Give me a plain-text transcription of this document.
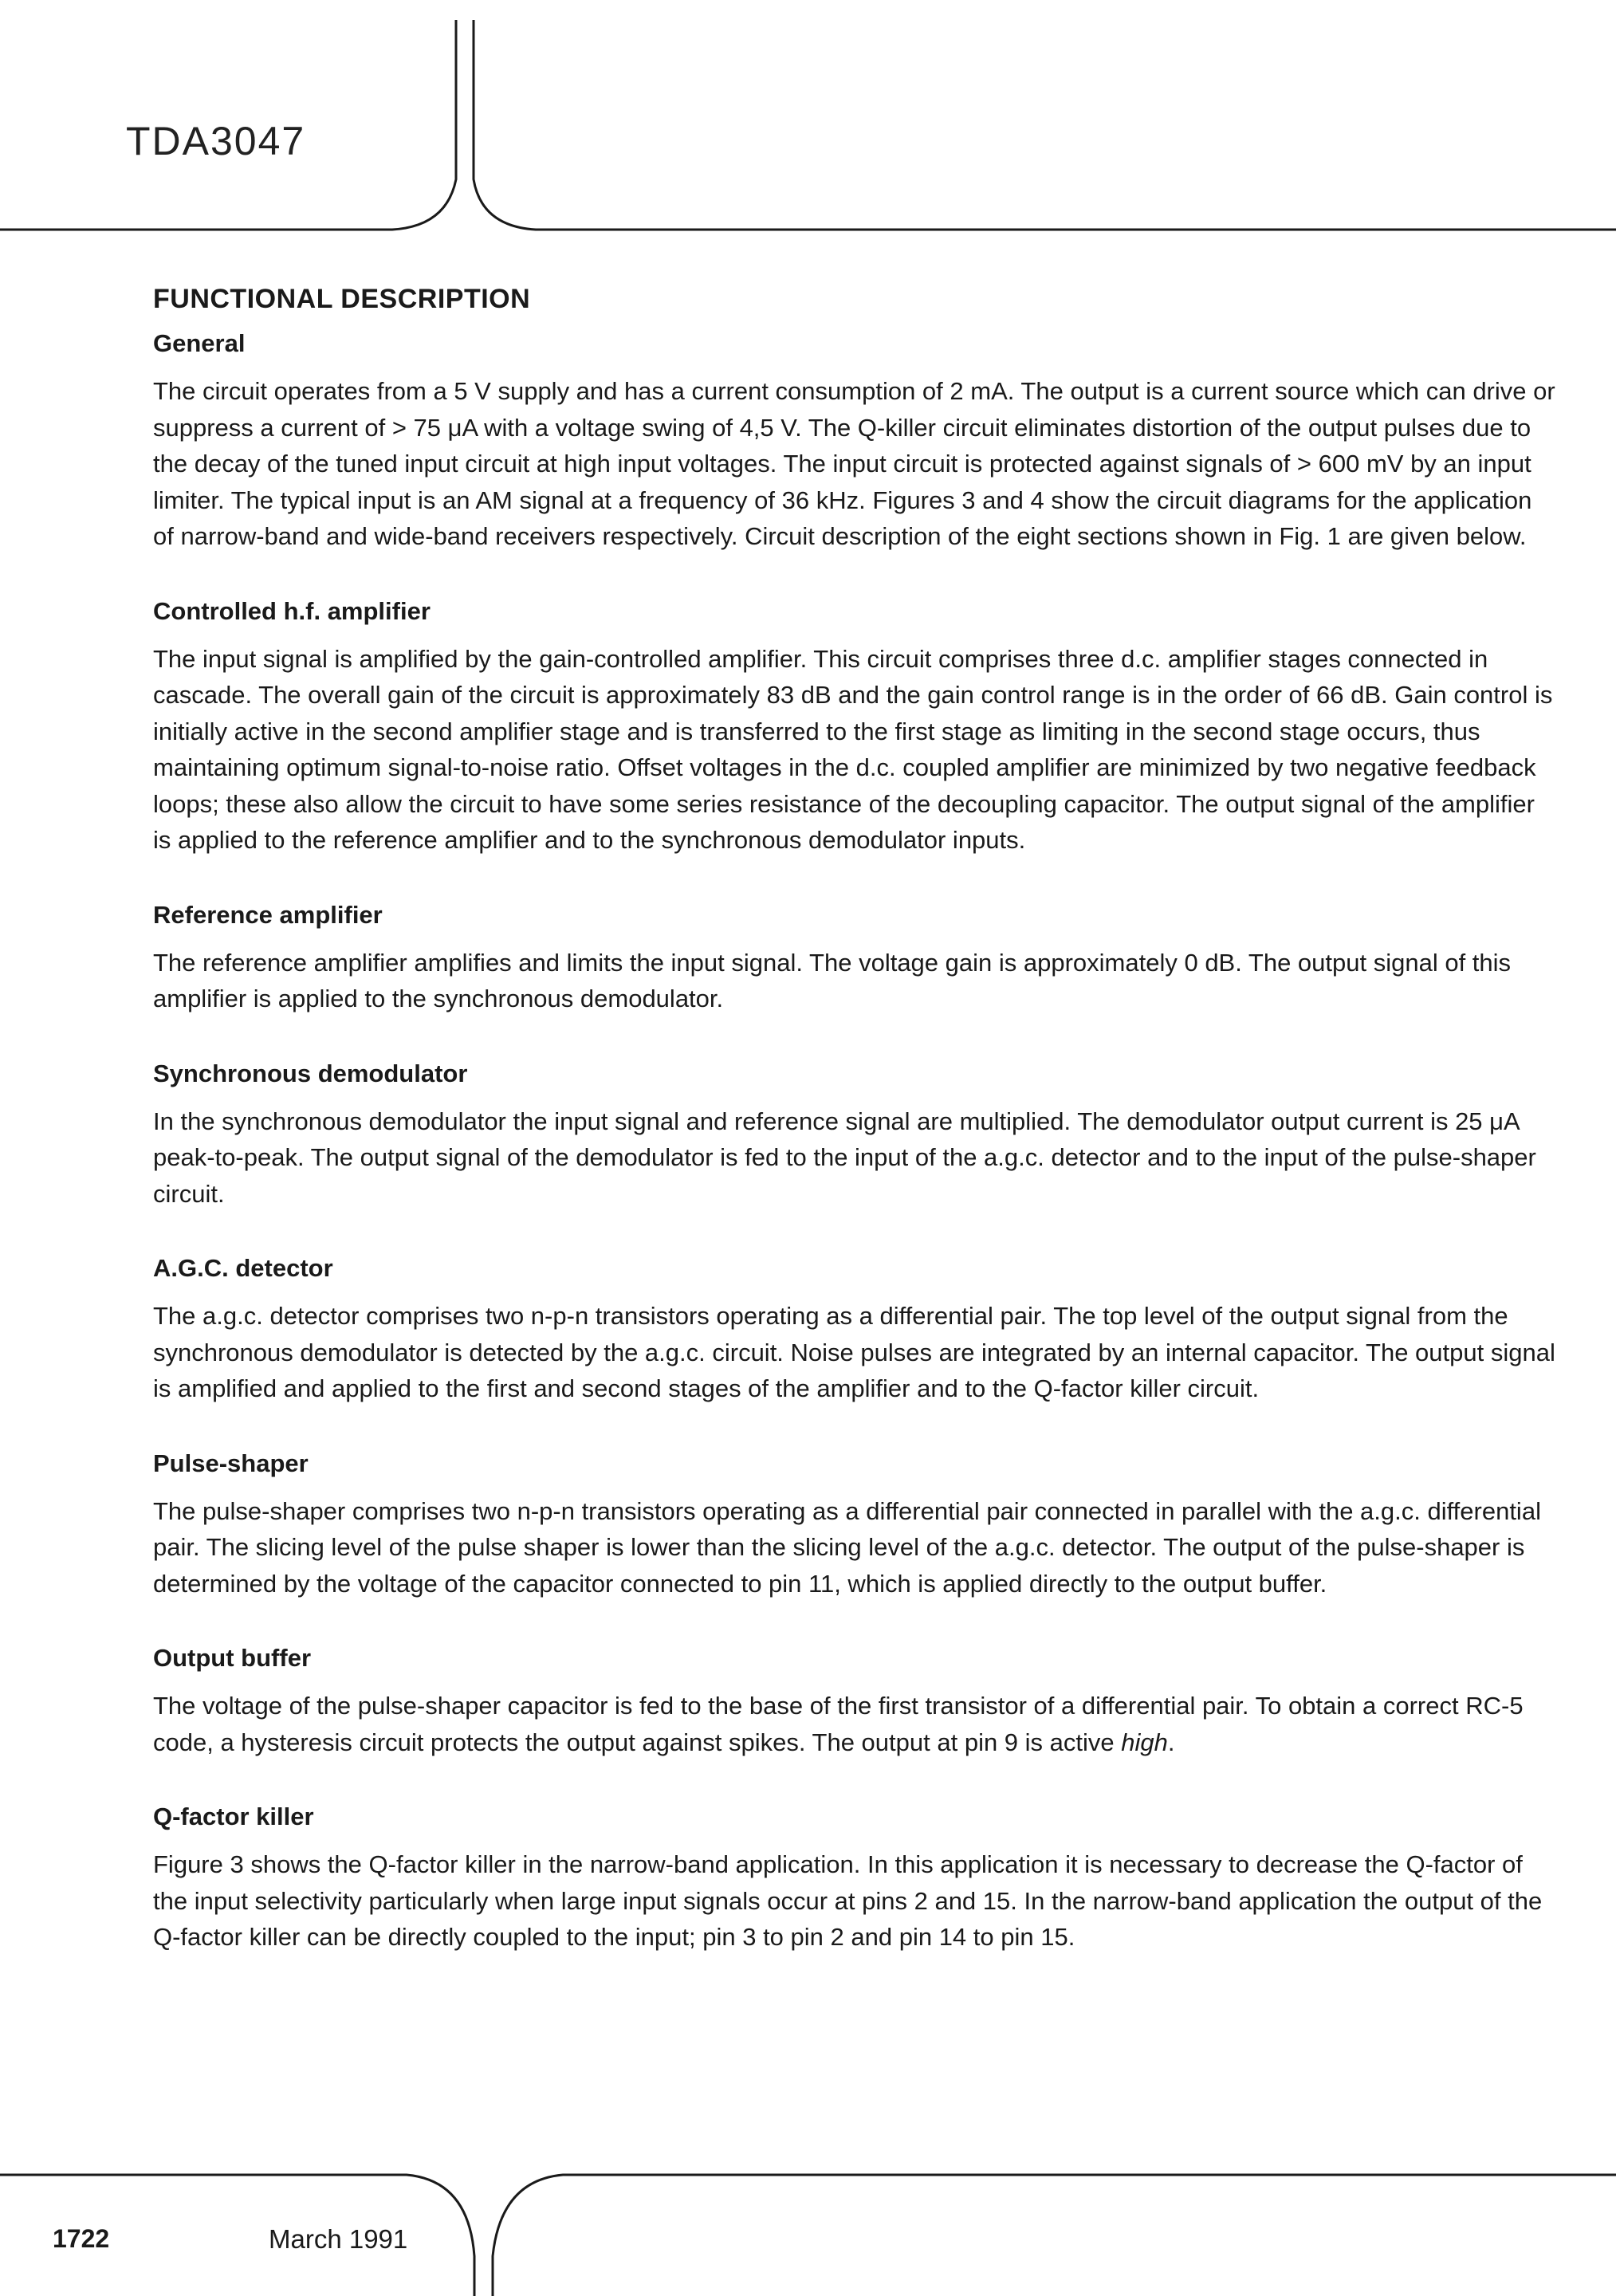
TDA3047
FUNCTIONAL DESCRIPTION
General

The circuit operates from a 5 V supply and has a current consumption of 2 mA. The output is a current source which can drive or suppress a current of > 75 μA with a voltage swing of 4,5 V. The Q-killer circuit eliminates distortion of the output pulses due to the decay of the tuned input circuit at high input voltages. The input circuit is protected against signals of > 600 mV by an input limiter. The typical input is an AM signal at a frequency of 36 kHz. Figures 3 and 4 show the circuit diagrams for the application of narrow-band and wide-band receivers respectively. Circuit description of the eight sections shown in Fig. 1 are given below.

Controlled h.f. amplifier

The input signal is amplified by the gain-controlled amplifier. This circuit comprises three d.c. amplifier stages connected in cascade. The overall gain of the circuit is approximately 83 dB and the gain control range is in the order of 66 dB. Gain control is initially active in the second amplifier stage and is transferred to the first stage as limiting in the second stage occurs, thus maintaining optimum signal-to-noise ratio. Offset voltages in the d.c. coupled amplifier are minimized by two negative feedback loops; these also allow the circuit to have some series resistance of the decoupling capacitor. The output signal of the amplifier is applied to the reference amplifier and to the synchronous demodulator inputs.

Reference amplifier

The reference amplifier amplifies and limits the input signal. The voltage gain is approximately 0 dB. The output signal of this amplifier is applied to the synchronous demodulator.

Synchronous demodulator

In the synchronous demodulator the input signal and reference signal are multiplied. The demodulator output current is 25 μA peak-to-peak. The output signal of the demodulator is fed to the input of the a.g.c. detector and to the input of the pulse-shaper circuit.

A.G.C. detector

The a.g.c. detector comprises two n-p-n transistors operating as a differential pair. The top level of the output signal from the synchronous demodulator is detected by the a.g.c. circuit. Noise pulses are integrated by an internal capacitor. The output signal is amplified and applied to the first and second stages of the amplifier and to the Q-factor killer circuit.

Pulse-shaper

The pulse-shaper comprises two n-p-n transistors operating as a differential pair connected in parallel with the a.g.c. differential pair. The slicing level of the pulse shaper is lower than the slicing level of the a.g.c. detector. The output of the pulse-shaper is determined by the voltage of the capacitor connected to pin 11, which is applied directly to the output buffer.

Output buffer

The voltage of the pulse-shaper capacitor is fed to the base of the first transistor of a differential pair. To obtain a correct RC-5 code, a hysteresis circuit protects the output against spikes. The output at pin 9 is active high.

Q-factor killer

Figure 3 shows the Q-factor killer in the narrow-band application. In this application it is necessary to decrease the Q-factor of the input selectivity particularly when large input signals occur at pins 2 and 15. In the narrow-band application the output of the Q-factor killer can be directly coupled to the input; pin 3 to pin 2 and pin 14 to pin 15.

1722	March 1991
